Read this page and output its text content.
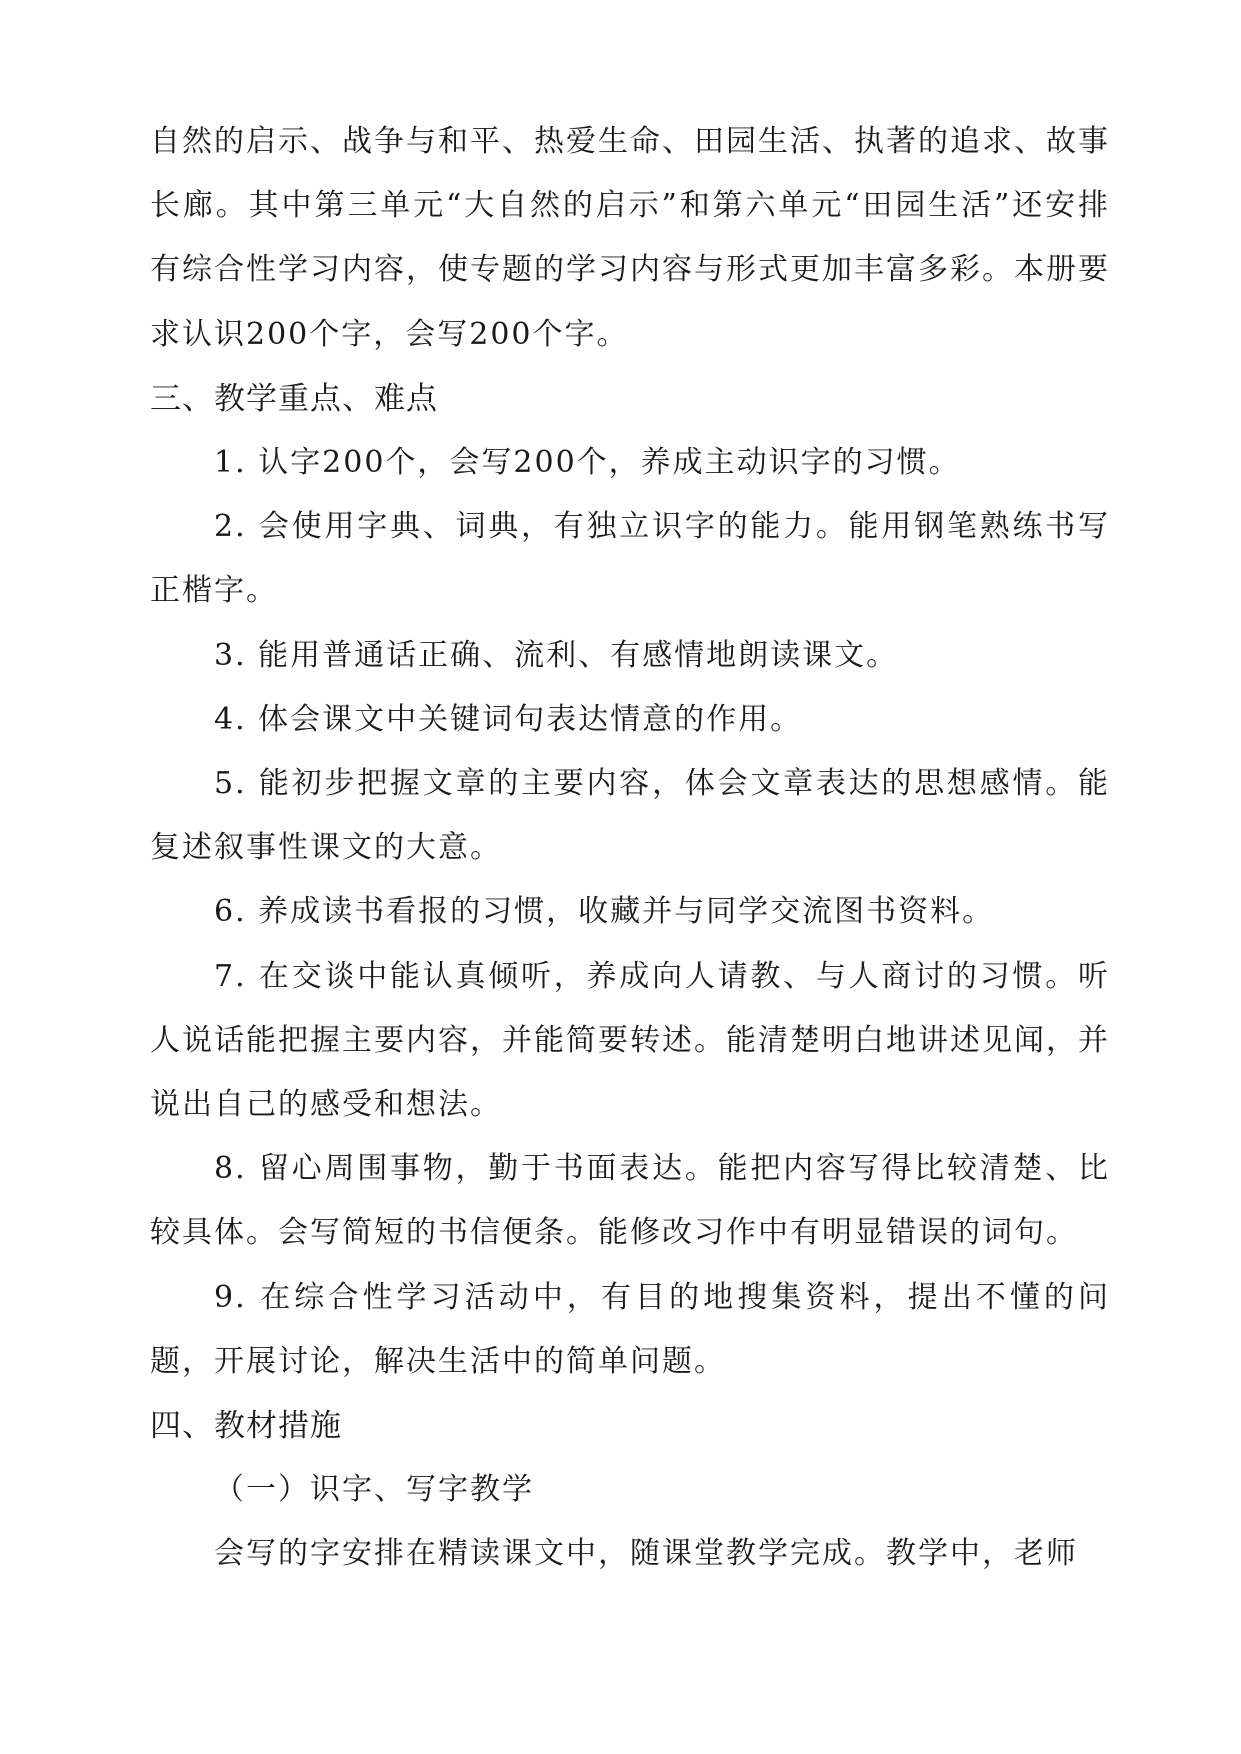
自然的启示、战争与和平、热爱生命、田园生活、执著的追求、故事长廊。其中第三单元“大自然的启示”和第六单元“田园生活”还安排有综合性学习内容，使专题的学习内容与形式更加丰富多彩。本册要求认识200个字，会写200个字。

三、教学重点、难点

1. 认字200个，会写200个，养成主动识字的习惯。

2. 会使用字典、词典，有独立识字的能力。能用钢笔熟练书写正楷字。

3. 能用普通话正确、流利、有感情地朗读课文。

4. 体会课文中关键词句表达情意的作用。

5. 能初步把握文章的主要内容，体会文章表达的思想感情。能复述叙事性课文的大意。

6. 养成读书看报的习惯，收藏并与同学交流图书资料。

7. 在交谈中能认真倾听，养成向人请教、与人商讨的习惯。听人说话能把握主要内容，并能简要转述。能清楚明白地讲述见闻，并说出自己的感受和想法。

8. 留心周围事物，勤于书面表达。能把内容写得比较清楚、比较具体。会写简短的书信便条。能修改习作中有明显错误的词句。

9. 在综合性学习活动中，有目的地搜集资料，提出不懂的问题，开展讨论，解决生活中的简单问题。

四、教材措施

（一）识字、写字教学

会写的字安排在精读课文中，随课堂教学完成。教学中，老师
